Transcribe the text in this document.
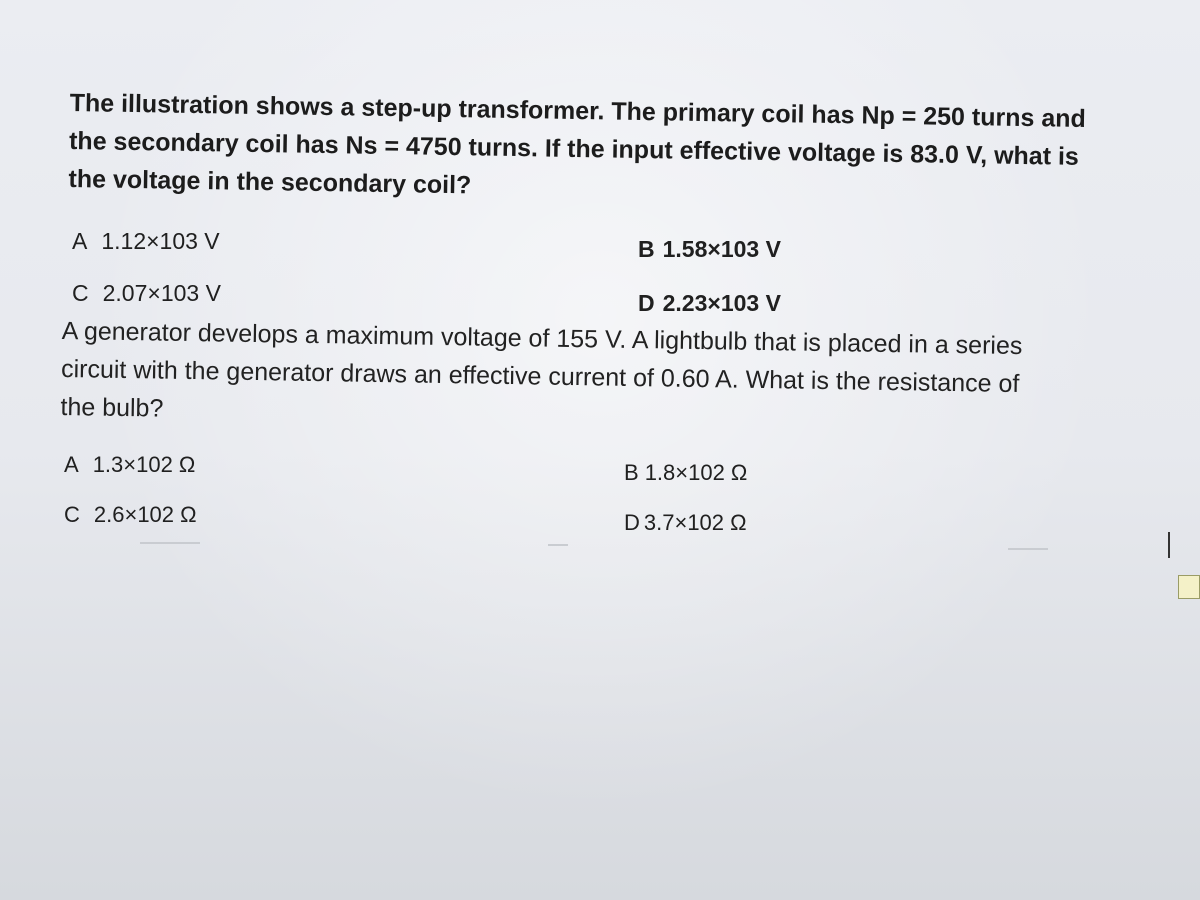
The illustration shows a step-up transformer. The primary coil has Np = 250 turns and
the secondary coil has Ns = 4750 turns. If the input effective voltage is 83.0 V, what is
the voltage in the secondary coil?
A 1.12×103 V	B 1.58×103 V
C 2.07×103 V	D 2.23×103 V
A generator develops a maximum voltage of 155 V. A lightbulb that is placed in a series
circuit with the generator draws an effective current of 0.60 A. What is the resistance of
the bulb?
A 1.3×102 Ω	B 1.8×102 Ω
C 2.6×102 Ω	D 3.7×102 Ω
